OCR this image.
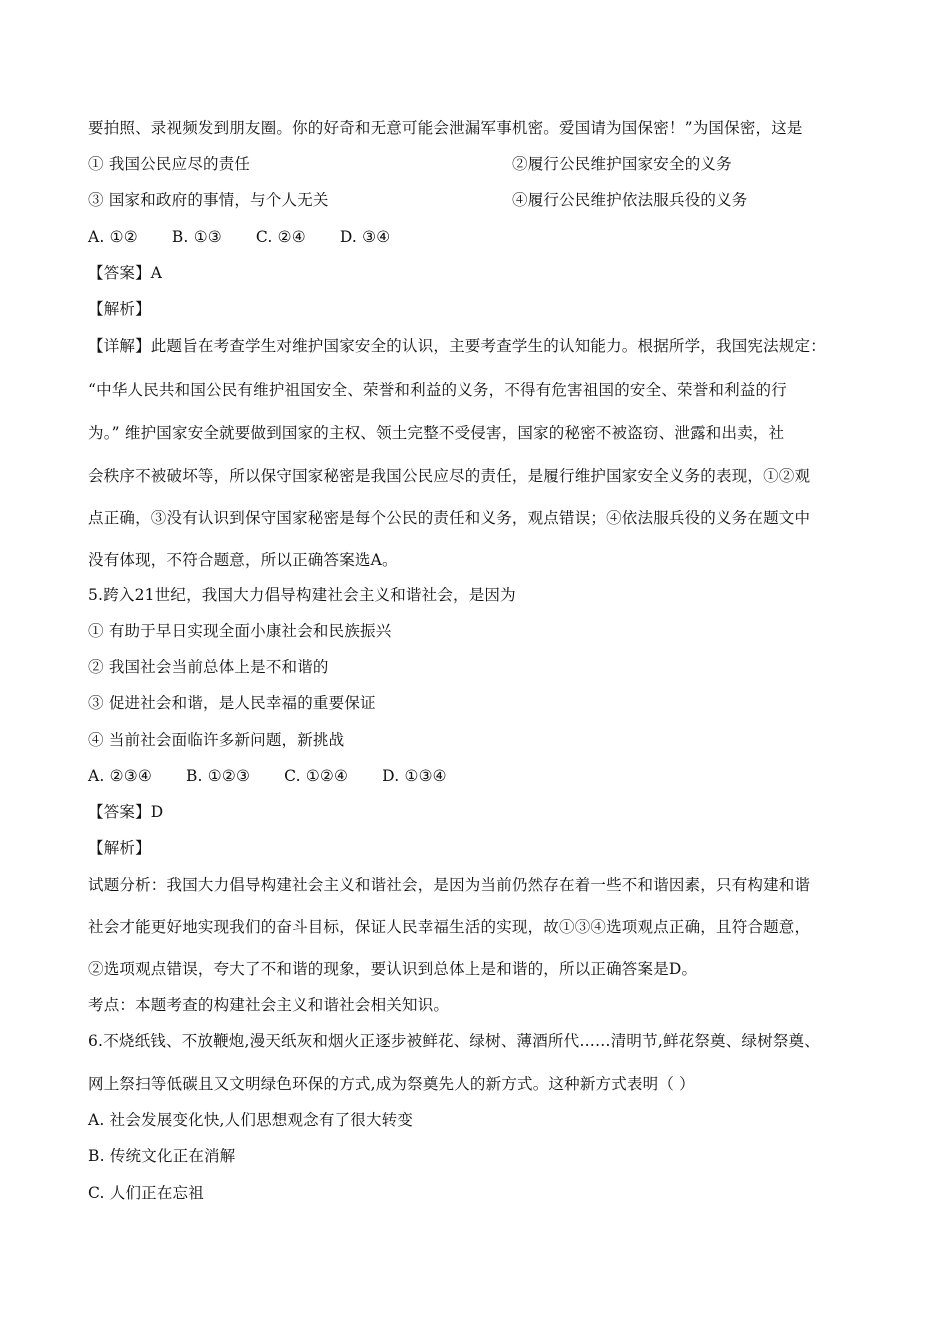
要拍照、录视频发到朋友圈。你的好奇和无意可能会泄漏军事机密。爱国请为国保密！”为国保密，这是
① 我国公民应尽的责任	②履行公民维护国家安全的义务
③ 国家和政府的事情，与个人无关	④履行公民维护依法服兵役的义务
A. ①② B. ①③ C. ②④ D. ③④
【答案】A
【解析】
【详解】此题旨在考查学生对维护国家安全的认识，主要考查学生的认知能力。根据所学，我国宪法规定：
“中华人民共和国公民有维护祖国安全、荣誉和利益的义务，不得有危害祖国的安全、荣誉和利益的行
为。” 维护国家安全就要做到国家的主权、领土完整不受侵害，国家的秘密不被盗窃、泄露和出卖，社
会秩序不被破坏等，所以保守国家秘密是我国公民应尽的责任，是履行维护国家安全义务的表现，①②观
点正确，③没有认识到保守国家秘密是每个公民的责任和义务，观点错误；④依法服兵役的义务在题文中
没有体现，不符合题意，所以正确答案选A。
5.跨入21世纪，我国大力倡导构建社会主义和谐社会，是因为
① 有助于早日实现全面小康社会和民族振兴
② 我国社会当前总体上是不和谐的
③ 促进社会和谐，是人民幸福的重要保证
④ 当前社会面临许多新问题，新挑战
A. ②③④ B. ①②③ C. ①②④ D. ①③④
【答案】D
【解析】
试题分析：我国大力倡导构建社会主义和谐社会，是因为当前仍然存在着一些不和谐因素，只有构建和谐
社会才能更好地实现我们的奋斗目标，保证人民幸福生活的实现，故①③④选项观点正确，且符合题意，
②选项观点错误，夸大了不和谐的现象，要认识到总体上是和谐的，所以正确答案是D。
考点：本题考查的构建社会主义和谐社会相关知识。
6.不烧纸钱、不放鞭炮,漫天纸灰和烟火正逐步被鲜花、绿树、薄酒所代……清明节,鲜花祭奠、绿树祭奠、
网上祭扫等低碳且又文明绿色环保的方式,成为祭奠先人的新方式。这种新方式表明（ ）
A. 社会发展变化快,人们思想观念有了很大转变
B. 传统文化正在消解
C. 人们正在忘祖
